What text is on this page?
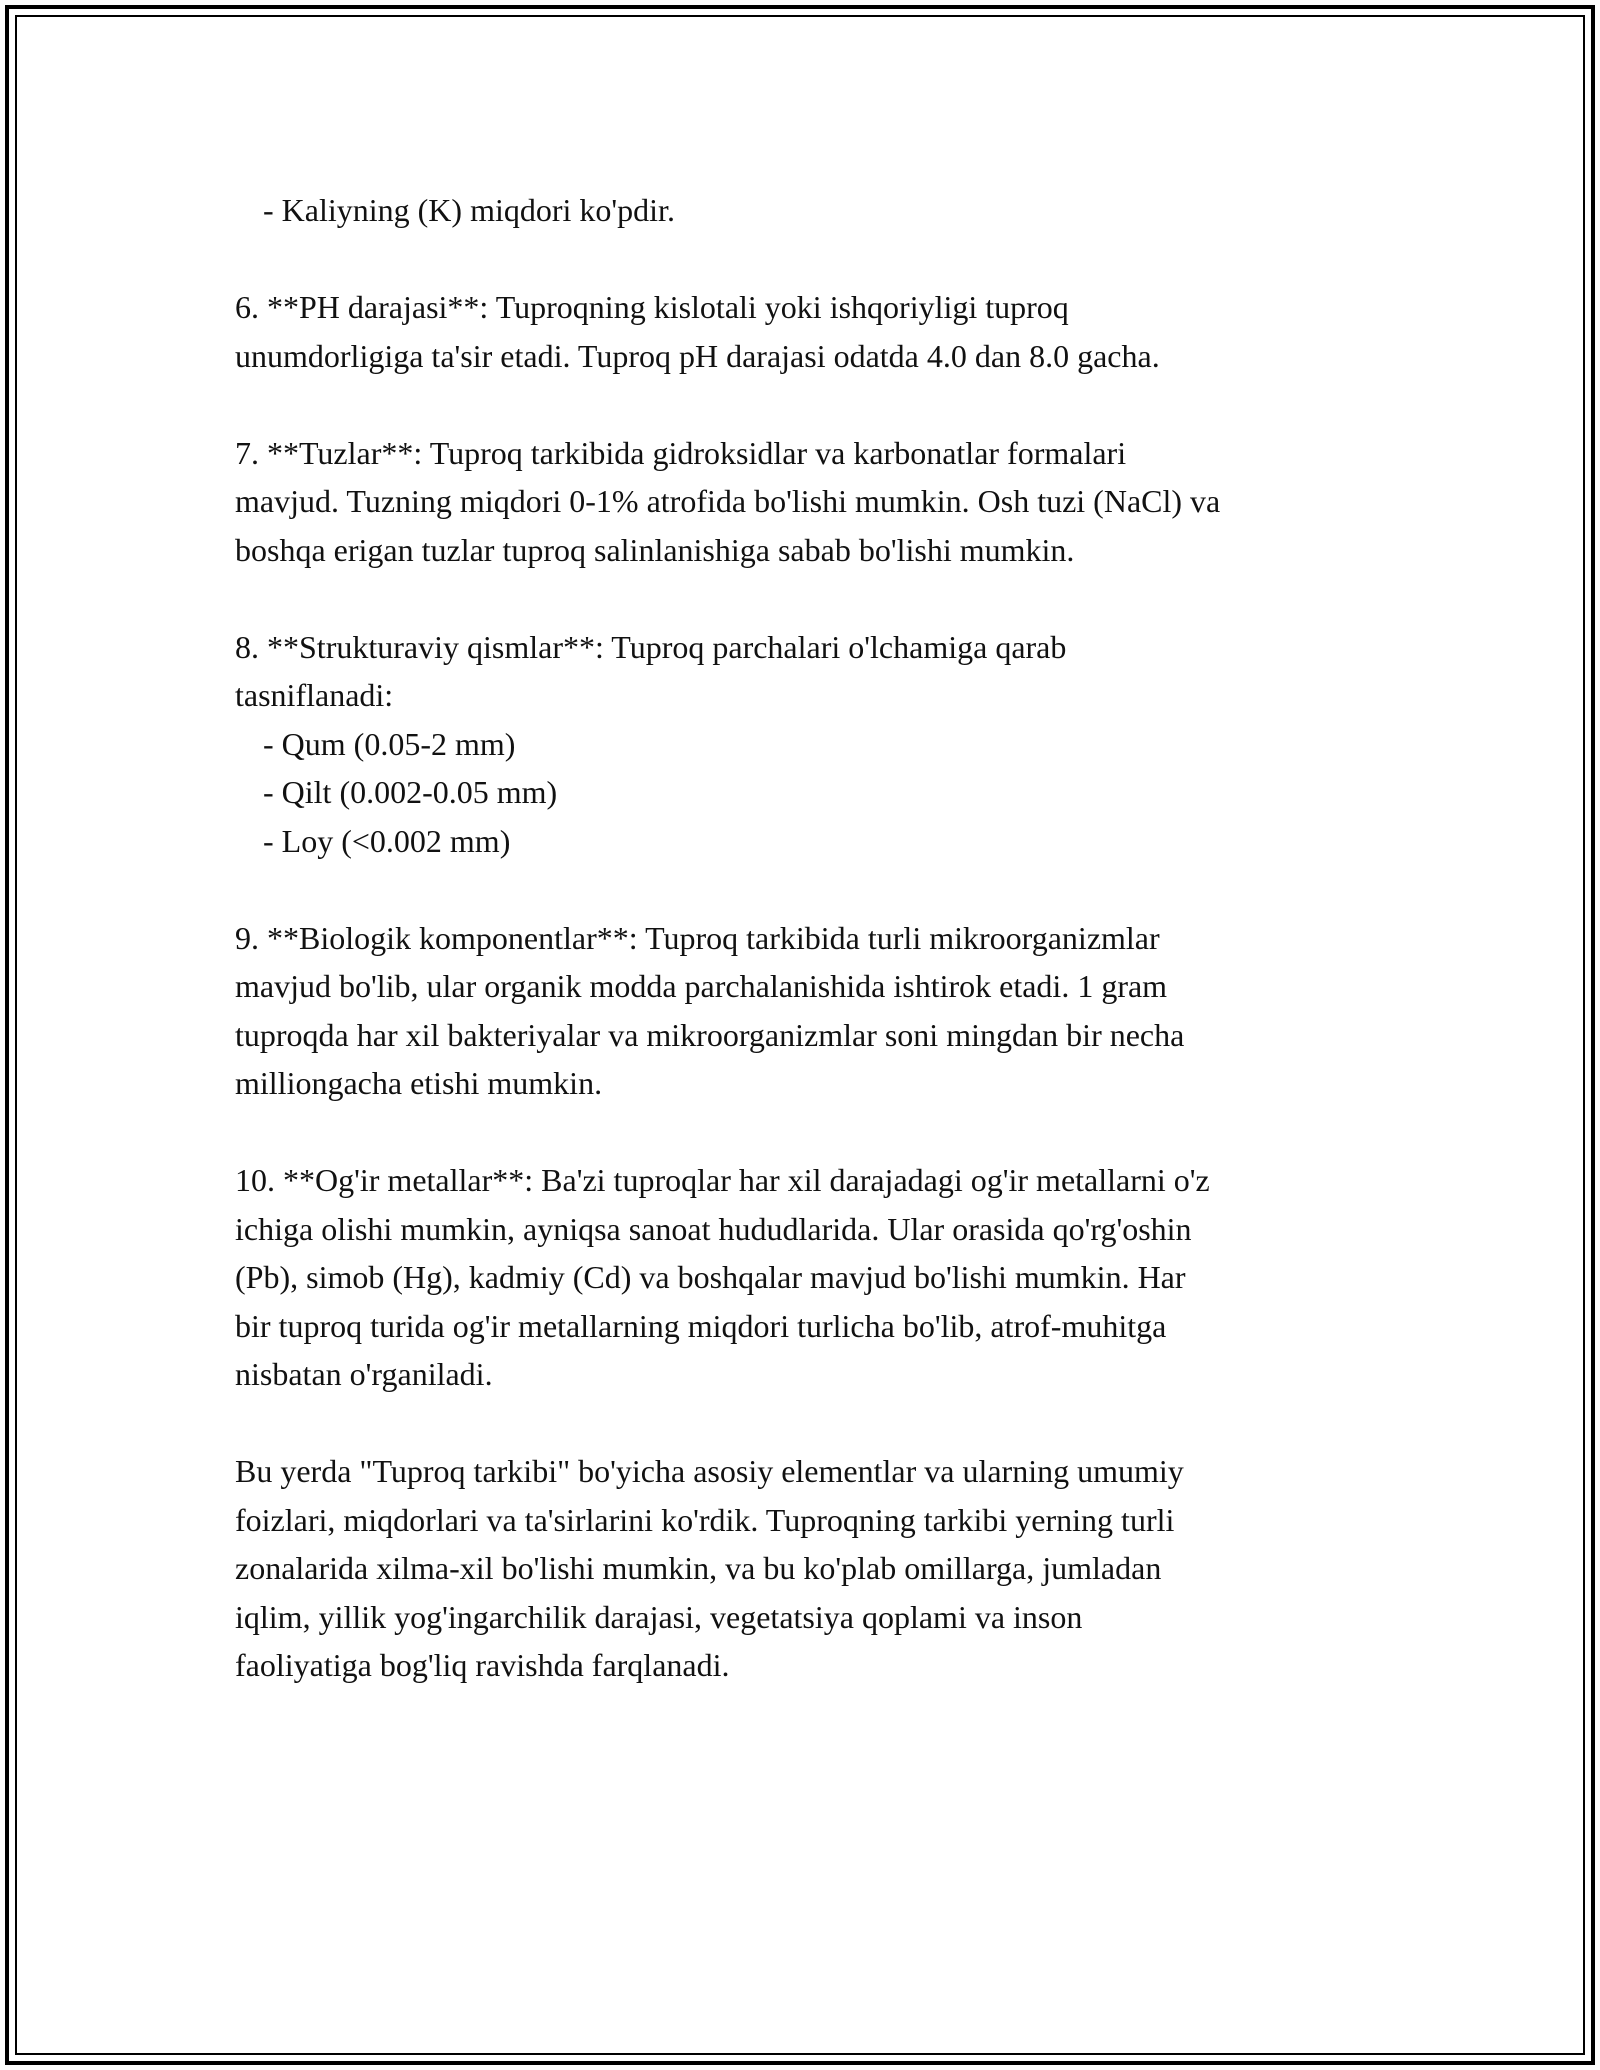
- Kaliyning (K) miqdori ko'pdir.
6. **PH darajasi**: Tuproqning kislotali yoki ishqoriyligi tuproq
unumdorligiga ta'sir etadi. Tuproq pH darajasi odatda 4.0 dan 8.0 gacha.
7. **Tuzlar**: Tuproq tarkibida gidroksidlar va karbonatlar formalari
mavjud. Tuzning miqdori 0-1% atrofida bo'lishi mumkin. Osh tuzi (NaCl) va
boshqa erigan tuzlar tuproq salinlanishiga sabab bo'lishi mumkin.
8. **Strukturaviy qismlar**: Tuproq parchalari o'lchamiga qarab
tasniflanadi:
- Qum (0.05-2 mm)
- Qilt (0.002-0.05 mm)
- Loy (<0.002 mm)
9. **Biologik komponentlar**: Tuproq tarkibida turli mikroorganizmlar
mavjud bo'lib, ular organik modda parchalanishida ishtirok etadi. 1 gram
tuproqda har xil bakteriyalar va mikroorganizmlar soni mingdan bir necha
milliongacha etishi mumkin.
10. **Og'ir metallar**: Ba'zi tuproqlar har xil darajadagi og'ir metallarni o'z
ichiga olishi mumkin, ayniqsa sanoat hududlarida. Ular orasida qo'rg'oshin
(Pb), simob (Hg), kadmiy (Cd) va boshqalar mavjud bo'lishi mumkin. Har
bir tuproq turida og'ir metallarning miqdori turlicha bo'lib, atrof-muhitga
nisbatan o'rganiladi.
Bu yerda "Tuproq tarkibi" bo'yicha asosiy elementlar va ularning umumiy
foizlari, miqdorlari va ta'sirlarini ko'rdik. Tuproqning tarkibi yerning turli
zonalarida xilma-xil bo'lishi mumkin, va bu ko'plab omillarga, jumladan
iqlim, yillik yog'ingarchilik darajasi, vegetatsiya qoplami va inson
faoliyatiga bog'liq ravishda farqlanadi.
